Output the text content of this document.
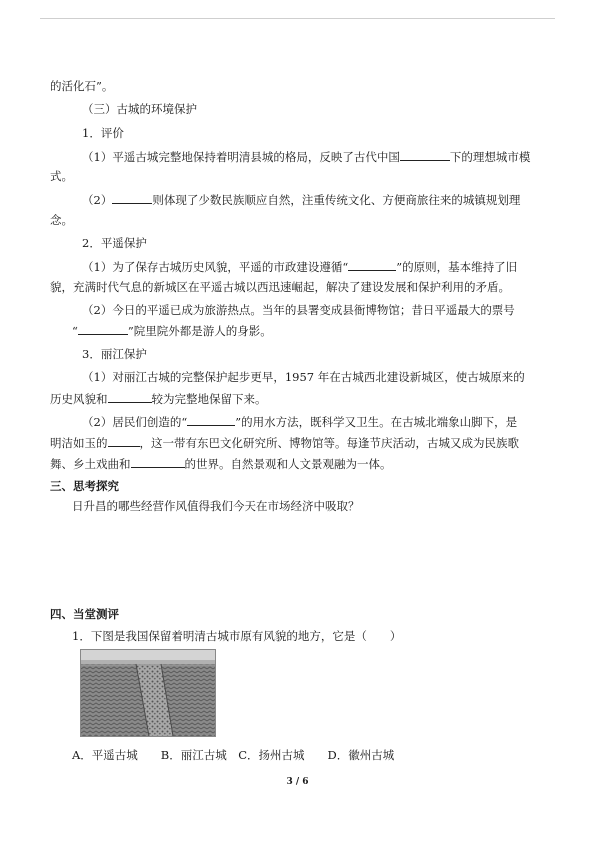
的活化石”。
（三）古城的环境保护
1．评价
（1）平遥古城完整地保持着明清县城的格局，反映了古代中国	下的理想城市模
式。
（2）	则体现了少数民族顺应自然，注重传统文化、方便商旅往来的城镇规划理
念。
2．平遥保护
（1）为了保存古城历史风貌，平遥的市政建设遵循“	”的原则，基本维持了旧
貌，充满时代气息的新城区在平遥古城以西迅速崛起，解决了建设发展和保护利用的矛盾。
（2）今日的平遥已成为旅游热点。当年的县署变成县衙博物馆；昔日平遥最大的票号
“	”院里院外都是游人的身影。
3．丽江保护
（1）对丽江古城的完整保护起步更早，1957 年在古城西北建设新城区，使古城原来的
历史风貌和	较为完整地保留下来。
（2）居民们创造的“	”的用水方法，既科学又卫生。在古城北端象山脚下，是
明洁如玉的	，这一带有东巴文化研究所、博物馆等。每逢节庆活动，古城又成为民族歌
舞、乡土戏曲和	的世界。自然景观和人文景观融为一体。
三、思考探究
日升昌的哪些经营作风值得我们今天在市场经济中吸取？
四、当堂测评
1．下图是我国保留着明清古城市原有风貌的地方，它是（　　）
A．平遥古城　　B．丽江古城　C．扬州古城　　D．徽州古城
3 / 6
